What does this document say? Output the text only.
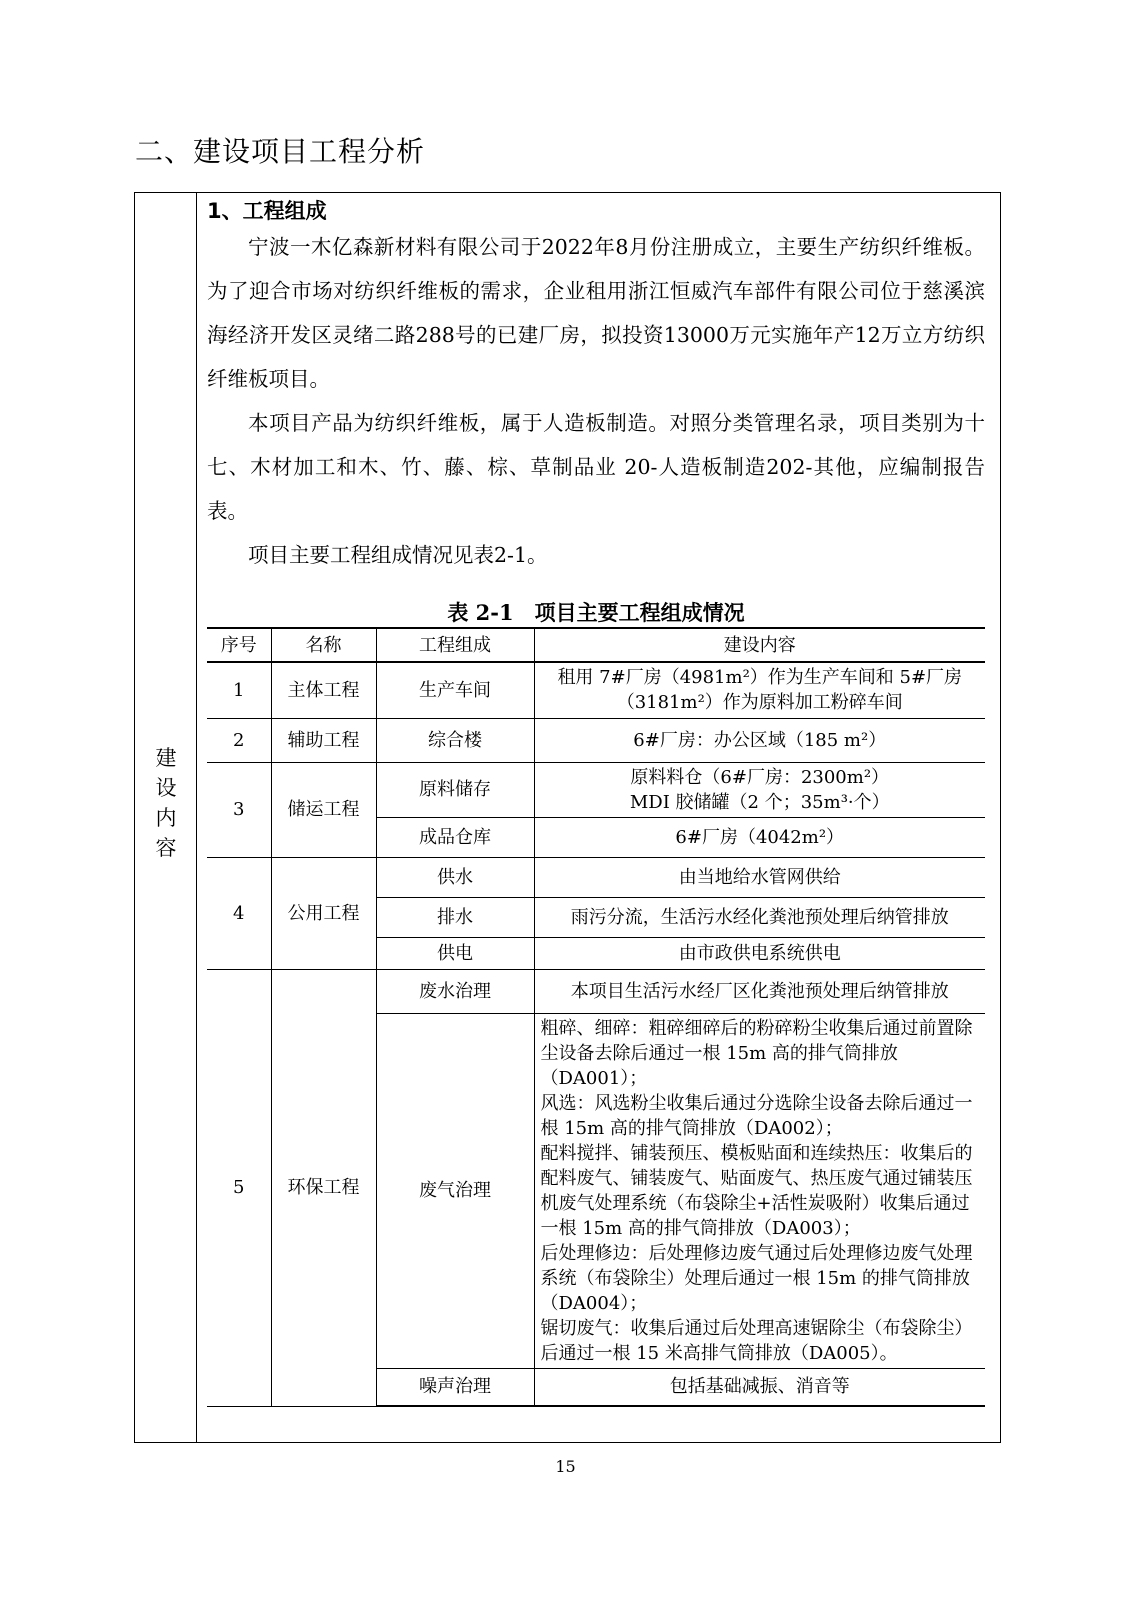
二、建设项目工程分析
建
设
内
容
1、工程组成

宁波一木亿森新材料有限公司于2022年8月份注册成立，主要生产纺织纤维板。为了迎合市场对纺织纤维板的需求，企业租用浙江恒威汽车部件有限公司位于慈溪滨海经济开发区灵绪二路288号的已建厂房，拟投资13000万元实施年产12万立方纺织纤维板项目。

本项目产品为纺织纤维板，属于人造板制造。对照分类管理名录，项目类别为十七、木材加工和木、竹、藤、棕、草制品业 20-人造板制造202-其他，应编制报告表。

项目主要工程组成情况见表2-1。

表 2-1　项目主要工程组成情况
序号	名称	工程组成	建设内容
1	主体工程	生产车间	租用 7#厂房（4981m²）作为生产车间和 5#厂房
（3181m²）作为原料加工粉碎车间

2	辅助工程	综合楼	6#厂房：办公区域（185 m²）
3	储运工程	原料储存	原料料仓（6#厂房：2300m²）
MDI 胶储罐（2 个；35m³·个）

		成品仓库	6#厂房（4042m²）
4	公用工程	供水	由当地给水管网供给
		排水	雨污分流，生活污水经化粪池预处理后纳管排放
		供电	由市政供电系统供电
5	环保工程	废水治理	本项目生活污水经厂区化粪池预处理后纳管排放
		废气治理	粗碎、细碎：粗碎细碎后的粉碎粉尘收集后通过前置除尘设备去除后通过一根 15m 高的排气筒排放（DA001）；
风选：风选粉尘收集后通过分选除尘设备去除后通过一根 15m 高的排气筒排放（DA002）；
配料搅拌、铺装预压、模板贴面和连续热压：收集后的配料废气、铺装废气、贴面废气、热压废气通过铺装压机废气处理系统（布袋除尘+活性炭吸附）收集后通过一根 15m 高的排气筒排放（DA003）；
后处理修边：后处理修边废气通过后处理修边废气处理系统（布袋除尘）处理后通过一根 15m 的排气筒排放（DA004）；
锯切废气：收集后通过后处理高速锯除尘（布袋除尘）后通过一根 15 米高排气筒排放（DA005）。

		噪声治理	包括基础减振、消音等
15
